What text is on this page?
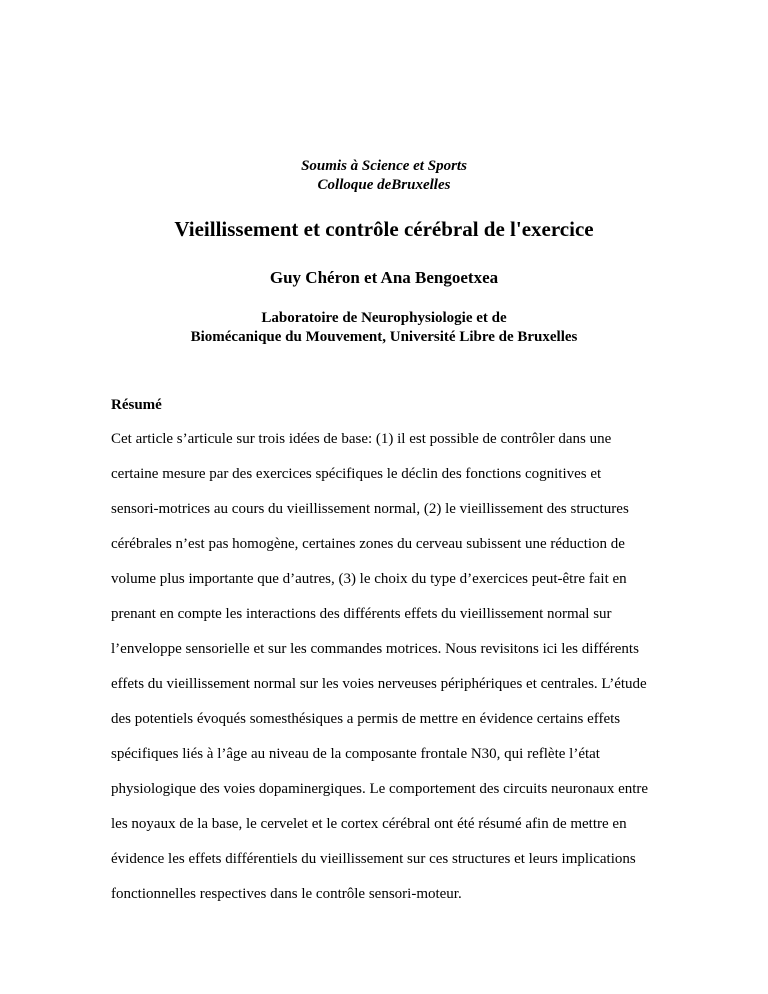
Soumis à Science et Sports
Colloque deBruxelles
Vieillissement et contrôle cérébral de l'exercice
Guy Chéron et Ana Bengoetxea
Laboratoire de Neurophysiologie et de
Biomécanique du Mouvement, Université Libre de Bruxelles
Résumé
Cet article s’articule sur trois idées de base: (1) il est possible de contrôler dans une
certaine mesure par des exercices spécifiques le déclin des fonctions cognitives et
sensori-motrices au cours du vieillissement normal, (2) le vieillissement des structures
cérébrales n’est pas homogène, certaines zones du cerveau subissent une réduction de
volume plus importante que d’autres, (3) le choix du type d’exercices peut-être fait en
prenant en compte les interactions des différents effets du vieillissement normal sur
l’enveloppe sensorielle et sur les commandes motrices. Nous revisitons ici les différents
effets du vieillissement normal sur les voies nerveuses périphériques et centrales. L’étude
des potentiels évoqués somesthésiques a permis de mettre en évidence certains effets
spécifiques liés à l’âge au niveau de la composante frontale N30, qui reflète l’état
physiologique des voies dopaminergiques. Le comportement des circuits neuronaux entre
les noyaux de la base, le cervelet et le cortex cérébral ont été résumé afin de mettre en
évidence les effets différentiels du vieillissement sur ces structures et leurs implications
fonctionnelles respectives dans le contrôle sensori-moteur.
